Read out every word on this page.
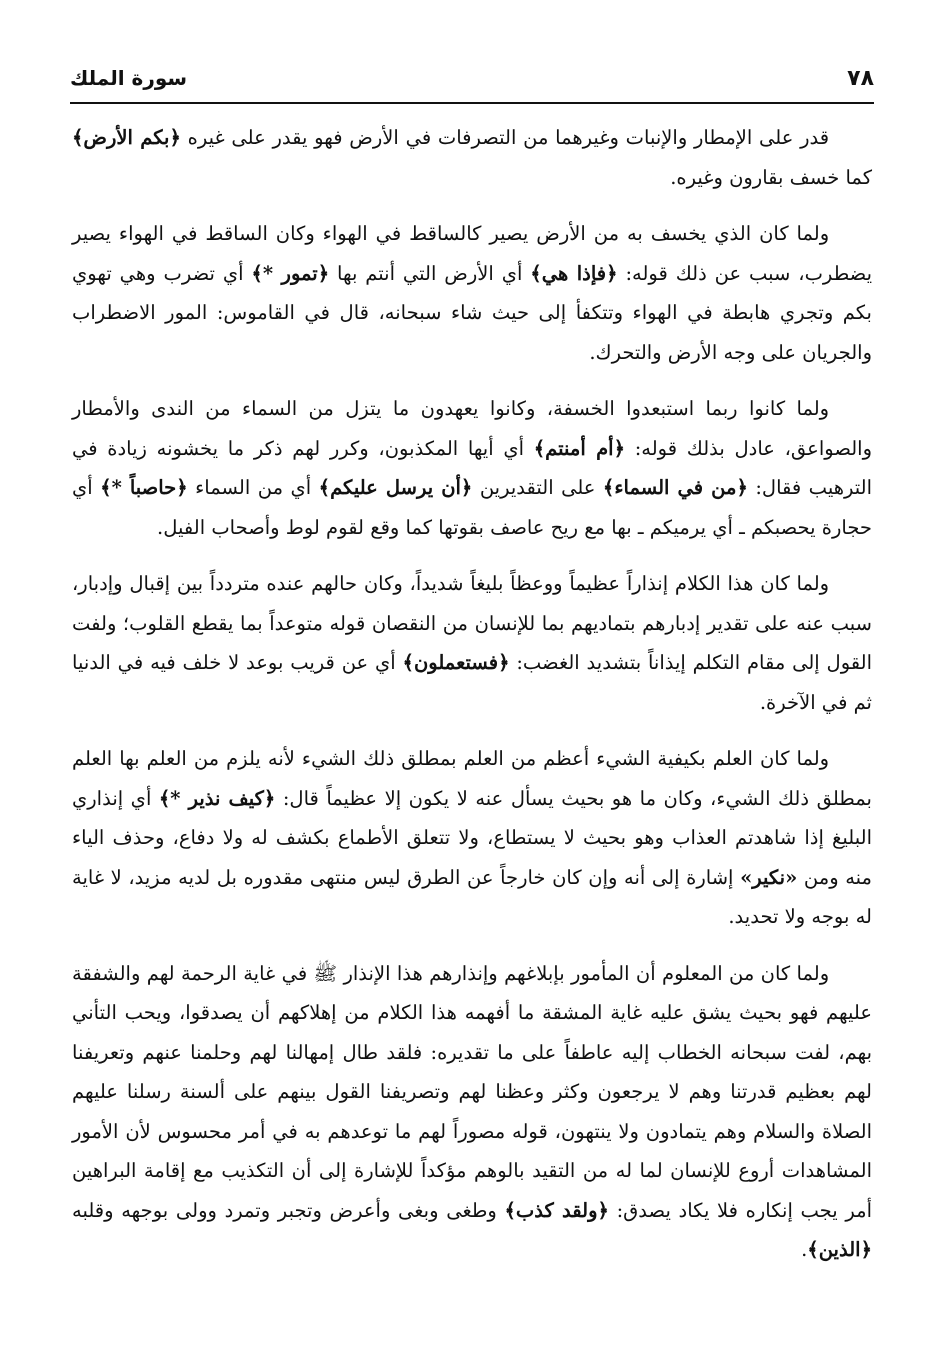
٧٨
سورة الملك

قدر على الإمطار والإنبات وغيرهما من التصرفات في الأرض فهو يقدر على غيره ﴿بكم الأرض﴾ كما خسف بقارون وغيره.

ولما كان الذي يخسف به من الأرض يصير كالساقط في الهواء وكان الساقط في الهواء يصير يضطرب، سبب عن ذلك قوله: ﴿فإذا هي﴾ أي الأرض التي أنتم بها ﴿تمور *﴾ أي تضرب وهي تهوي بكم وتجري هابطة في الهواء وتتكفأ إلى حيث شاء سبحانه، قال في القاموس: المور الاضطراب والجريان على وجه الأرض والتحرك.

ولما كانوا ربما استبعدوا الخسفة، وكانوا يعهدون ما يتزل من السماء من الندى والأمطار والصواعق، عادل بذلك قوله: ﴿أم أمنتم﴾ أي أيها المكذبون، وكرر لهم ذكر ما يخشونه زيادة في الترهيب فقال: ﴿من في السماء﴾ على التقديرين ﴿أن يرسل عليكم﴾ أي من السماء ﴿حاصباً *﴾ أي حجارة يحصبكم ـ أي يرميكم ـ بها مع ريح عاصف بقوتها كما وقع لقوم لوط وأصحاب الفيل.

ولما كان هذا الكلام إنذاراً عظيماً ووعظاً بليغاً شديداً، وكان حالهم عنده متردداً بين إقبال وإدبار، سبب عنه على تقدير إدبارهم بتماديهم بما للإنسان من النقصان قوله متوعداً بما يقطع القلوب؛ ولفت القول إلى مقام التكلم إيذاناً بتشديد الغضب: ﴿فستعملون﴾ أي عن قريب بوعد لا خلف فيه في الدنيا ثم في الآخرة.

ولما كان العلم بكيفية الشيء أعظم من العلم بمطلق ذلك الشيء لأنه يلزم من العلم بها العلم بمطلق ذلك الشيء، وكان ما هو بحيث يسأل عنه لا يكون إلا عظيماً قال: ﴿كيف نذير *﴾ أي إنذاري البليغ إذا شاهدتم العذاب وهو بحيث لا يستطاع، ولا تتعلق الأطماع بكشف له ولا دفاع، وحذف الياء منه ومن «نكير» إشارة إلى أنه وإن كان خارجاً عن الطرق ليس منتهى مقدوره بل لديه مزيد، لا غاية له بوجه ولا تحديد.

ولما كان من المعلوم أن المأمور بإبلاغهم وإنذارهم هذا الإنذار ﷺ في غاية الرحمة لهم والشفقة عليهم فهو بحيث يشق عليه غاية المشقة ما أفهمه هذا الكلام من إهلاكهم أن يصدقوا، ويحب التأني بهم، لفت سبحانه الخطاب إليه عاطفاً على ما تقديره: فلقد طال إمهالنا لهم وحلمنا عنهم وتعريفنا لهم بعظيم قدرتنا وهم لا يرجعون وكثر وعظنا لهم وتصريفنا القول بينهم على ألسنة رسلنا عليهم الصلاة والسلام وهم يتمادون ولا ينتهون، قوله مصوراً لهم ما توعدهم به في أمر محسوس لأن الأمور المشاهدات أروع للإنسان لما له من التقيد بالوهم مؤكداً للإشارة إلى أن التكذيب مع إقامة البراهين أمر يجب إنكاره فلا يكاد يصدق: ﴿ولقد كذب﴾ وطغى وبغى وأعرض وتجبر وتمرد وولى بوجهه وقلبه ﴿الذين﴾.
